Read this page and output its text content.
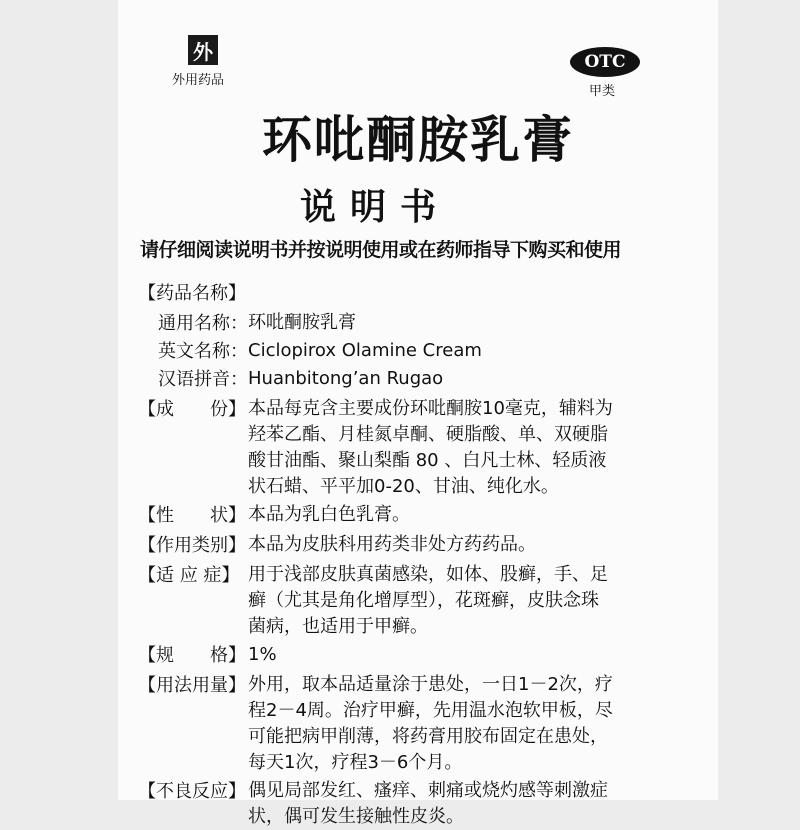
外
外用药品
OTC
甲类
环吡酮胺乳膏
说明书
请仔细阅读说明书并按说明使用或在药师指导下购买和使用
【药品名称】
通用名称： 环吡酮胺乳膏
英文名称： Ciclopirox Olamine Cream
汉语拼音： Huanbitong’an Rugao
【成　　份】 本品每克含主要成份环吡酮胺10毫克，辅料为
羟苯乙酯、月桂氮卓酮、硬脂酸、单、双硬脂
酸甘油酯、聚山梨酯 80 、白凡士林、轻质液
状石蜡、平平加0-20、甘油、纯化水。
【性　　状】 本品为乳白色乳膏。
【作用类别】 本品为皮肤科用药类非处方药药品。
【适 应 症】 用于浅部皮肤真菌感染，如体、股癣，手、足
癣（尤其是角化增厚型），花斑癣，皮肤念珠
菌病，也适用于甲癣。
【规　　格】 1%
【用法用量】 外用，取本品适量涂于患处，一日1－2次，疗
程2－4周。治疗甲癣，先用温水泡软甲板，尽
可能把病甲削薄，将药膏用胶布固定在患处，
每天1次，疗程3－6个月。
【不良反应】 偶见局部发红、瘙痒、刺痛或烧灼感等刺激症
状，偶可发生接触性皮炎。
